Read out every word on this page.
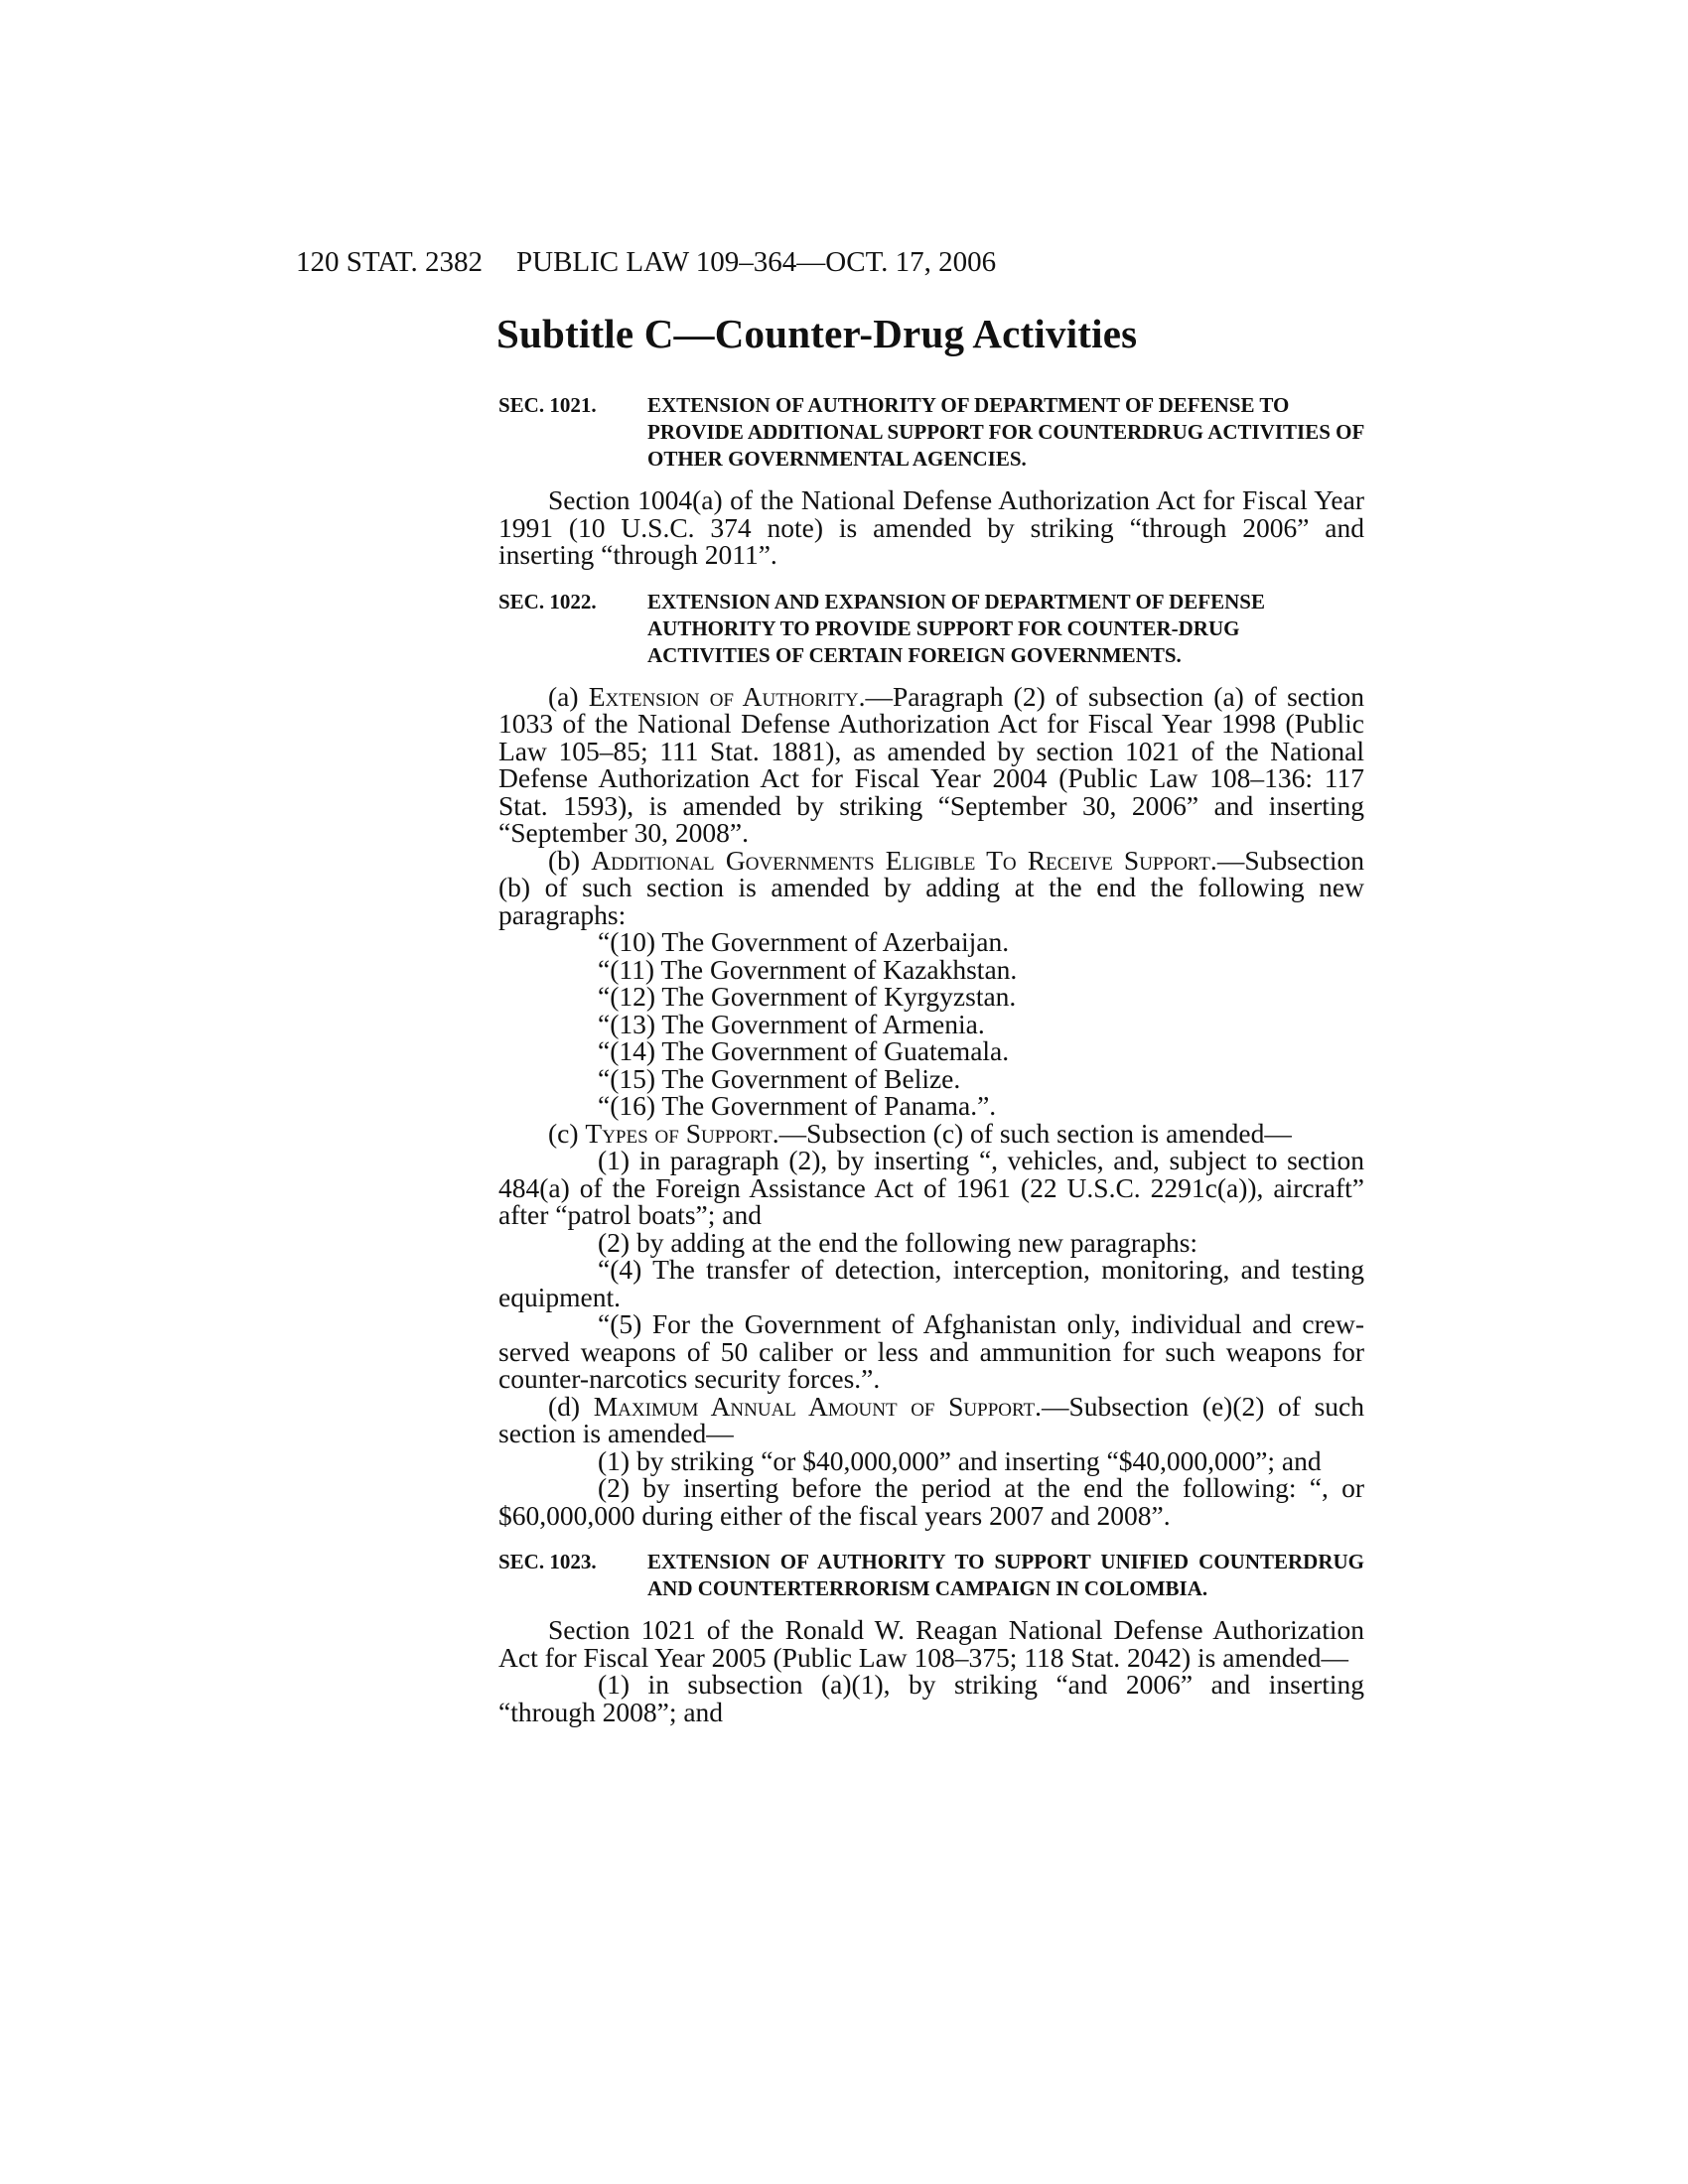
120 STAT. 2382 PUBLIC LAW 109–364—OCT. 17, 2006
Subtitle C—Counter-Drug Activities
SEC. 1021.	EXTENSION OF AUTHORITY OF DEPARTMENT OF DEFENSE TO PROVIDE ADDITIONAL SUPPORT FOR COUNTERDRUG ACTIVITIES OF OTHER GOVERNMENTAL AGENCIES.

Section 1004(a) of the National Defense Authorization Act for Fiscal Year 1991 (10 U.S.C. 374 note) is amended by striking “through 2006” and inserting “through 2011”.

SEC. 1022.	EXTENSION AND EXPANSION OF DEPARTMENT OF DEFENSE AUTHORITY TO PROVIDE SUPPORT FOR COUNTER-DRUG ACTIVITIES OF CERTAIN FOREIGN GOVERNMENTS.

(a) Extension of Authority.—Paragraph (2) of subsection (a) of section 1033 of the National Defense Authorization Act for Fiscal Year 1998 (Public Law 105–85; 111 Stat. 1881), as amended by section 1021 of the National Defense Authorization Act for Fiscal Year 2004 (Public Law 108–136: 117 Stat. 1593), is amended by striking “September 30, 2006” and inserting “September 30, 2008”.

(b) Additional Governments Eligible To Receive Support.—Subsection (b) of such section is amended by adding at the end the following new paragraphs:

“(10) The Government of Azerbaijan.

“(11) The Government of Kazakhstan.

“(12) The Government of Kyrgyzstan.

“(13) The Government of Armenia.

“(14) The Government of Guatemala.

“(15) The Government of Belize.

“(16) The Government of Panama.”.

(c) Types of Support.—Subsection (c) of such section is amended—

(1) in paragraph (2), by inserting “, vehicles, and, subject to section 484(a) of the Foreign Assistance Act of 1961 (22 U.S.C. 2291c(a)), aircraft” after “patrol boats”; and

(2) by adding at the end the following new paragraphs:

“(4) The transfer of detection, interception, monitoring, and testing equipment.

“(5) For the Government of Afghanistan only, individual and crew-served weapons of 50 caliber or less and ammunition for such weapons for counter-narcotics security forces.”.

(d) Maximum Annual Amount of Support.—Subsection (e)(2) of such section is amended—

(1) by striking “or $40,000,000” and inserting “$40,000,000”; and

(2) by inserting before the period at the end the following: “, or $60,000,000 during either of the fiscal years 2007 and 2008”.

SEC. 1023.	EXTENSION OF AUTHORITY TO SUPPORT UNIFIED COUNTERDRUG AND COUNTERTERRORISM CAMPAIGN IN COLOMBIA.

Section 1021 of the Ronald W. Reagan National Defense Authorization Act for Fiscal Year 2005 (Public Law 108–375; 118 Stat. 2042) is amended—

(1) in subsection (a)(1), by striking “and 2006” and inserting “through 2008”; and
